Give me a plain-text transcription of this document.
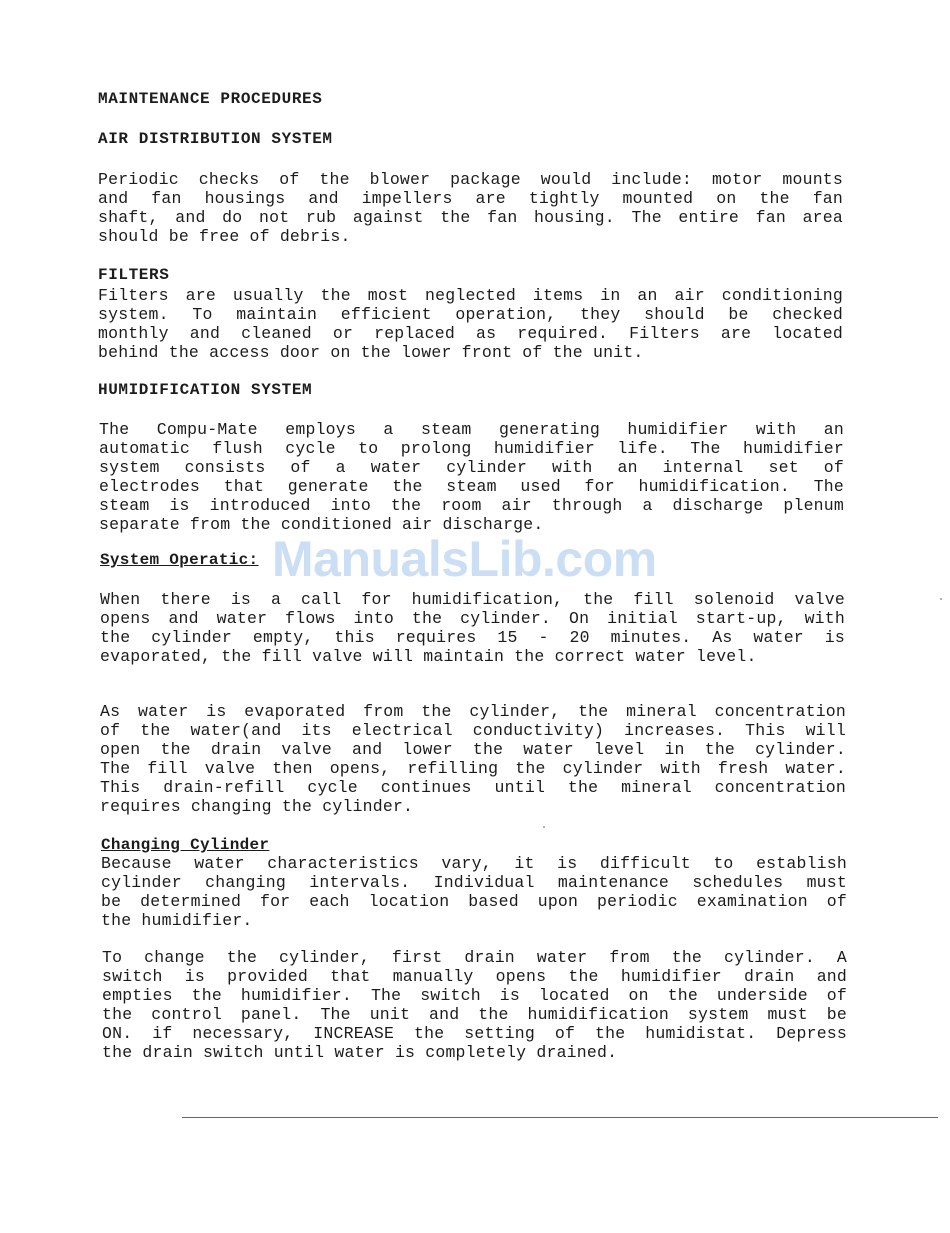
MAINTENANCE PROCEDURES
AIR DISTRIBUTION SYSTEM
Periodic checks of the blower package would include: motor mounts
and fan housings and impellers are tightly mounted on the fan
shaft, and do not rub against the fan housing. The entire fan area
should be free of debris.
FILTERS
Filters are usually the most neglected items in an air conditioning
system. To maintain efficient operation, they should be checked
monthly and cleaned or replaced as required. Filters are located
behind the access door on the lower front of the unit.
HUMIDIFICATION SYSTEM
The Compu-Mate employs a steam generating humidifier with an
automatic flush cycle to prolong humidifier life. The humidifier
system consists of a water cylinder with an internal set of
electrodes that generate the steam used for humidification. The
steam is introduced into the room air through a discharge plenum
separate from the conditioned air discharge.
System Operatic:
When there is a call for humidification, the fill solenoid valve
opens and water flows into the cylinder. On initial start-up, with
the cylinder empty, this requires 15 - 20 minutes. As water is
evaporated, the fill valve will maintain the correct water level.
As water is evaporated from the cylinder, the mineral concentration
of the water(and its electrical conductivity) increases. This will
open the drain valve and lower the water level in the cylinder.
The fill valve then opens, refilling the cylinder with fresh water.
This drain-refill cycle continues until the mineral concentration
requires changing the cylinder.
Changing Cylinder
Because water characteristics vary, it is difficult to establish
cylinder changing intervals. Individual maintenance schedules must
be determined for each location based upon periodic examination of
the humidifier.
To change the cylinder, first drain water from the cylinder. A
switch is provided that manually opens the humidifier drain and
empties the humidifier. The switch is located on the underside of
the control panel. The unit and the humidification system must be
ON. if necessary, INCREASE the setting of the humidistat. Depress
the drain switch until water is completely drained.
ManualsLib.com
